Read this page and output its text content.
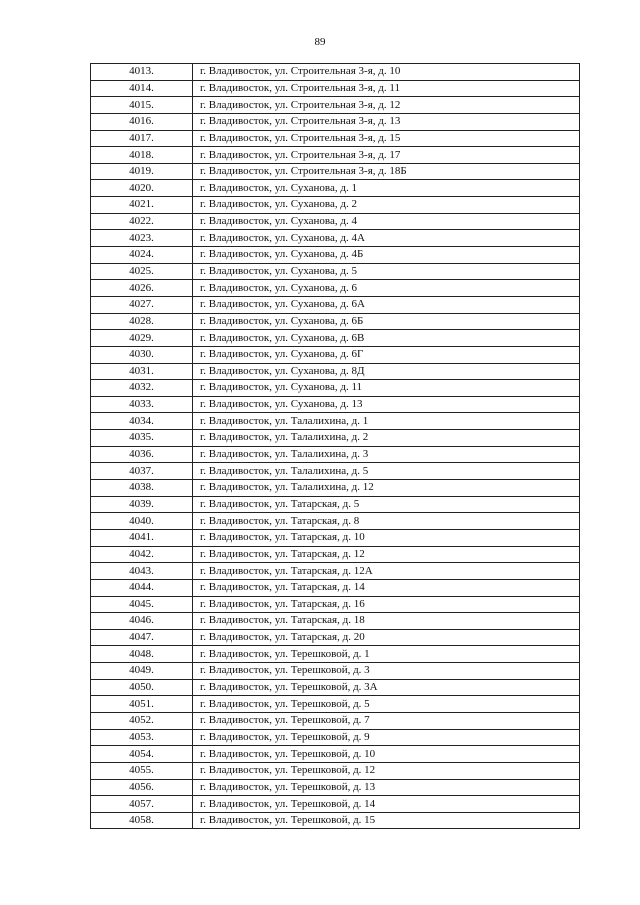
89
4013.	г. Владивосток, ул. Строительная 3-я, д. 10
4014.	г. Владивосток, ул. Строительная 3-я, д. 11
4015.	г. Владивосток, ул. Строительная 3-я, д. 12
4016.	г. Владивосток, ул. Строительная 3-я, д. 13
4017.	г. Владивосток, ул. Строительная 3-я, д. 15
4018.	г. Владивосток, ул. Строительная 3-я, д. 17
4019.	г. Владивосток, ул. Строительная 3-я, д. 18Б
4020.	г. Владивосток, ул. Суханова, д. 1
4021.	г. Владивосток, ул. Суханова, д. 2
4022.	г. Владивосток, ул. Суханова, д. 4
4023.	г. Владивосток, ул. Суханова, д. 4А
4024.	г. Владивосток, ул. Суханова, д. 4Б
4025.	г. Владивосток, ул. Суханова, д. 5
4026.	г. Владивосток, ул. Суханова, д. 6
4027.	г. Владивосток, ул. Суханова, д. 6А
4028.	г. Владивосток, ул. Суханова, д. 6Б
4029.	г. Владивосток, ул. Суханова, д. 6В
4030.	г. Владивосток, ул. Суханова, д. 6Г
4031.	г. Владивосток, ул. Суханова, д. 8Д
4032.	г. Владивосток, ул. Суханова, д. 11
4033.	г. Владивосток, ул. Суханова, д. 13
4034.	г. Владивосток, ул. Талалихина, д. 1
4035.	г. Владивосток, ул. Талалихина, д. 2
4036.	г. Владивосток, ул. Талалихина, д. 3
4037.	г. Владивосток, ул. Талалихина, д. 5
4038.	г. Владивосток, ул. Талалихина, д. 12
4039.	г. Владивосток, ул. Татарская, д. 5
4040.	г. Владивосток, ул. Татарская, д. 8
4041.	г. Владивосток, ул. Татарская, д. 10
4042.	г. Владивосток, ул. Татарская, д. 12
4043.	г. Владивосток, ул. Татарская, д. 12А
4044.	г. Владивосток, ул. Татарская, д. 14
4045.	г. Владивосток, ул. Татарская, д. 16
4046.	г. Владивосток, ул. Татарская, д. 18
4047.	г. Владивосток, ул. Татарская, д. 20
4048.	г. Владивосток, ул. Терешковой, д. 1
4049.	г. Владивосток, ул. Терешковой, д. 3
4050.	г. Владивосток, ул. Терешковой, д. 3А
4051.	г. Владивосток, ул. Терешковой, д. 5
4052.	г. Владивосток, ул. Терешковой, д. 7
4053.	г. Владивосток, ул. Терешковой, д. 9
4054.	г. Владивосток, ул. Терешковой, д. 10
4055.	г. Владивосток, ул. Терешковой, д. 12
4056.	г. Владивосток, ул. Терешковой, д. 13
4057.	г. Владивосток, ул. Терешковой, д. 14
4058.	г. Владивосток, ул. Терешковой, д. 15
